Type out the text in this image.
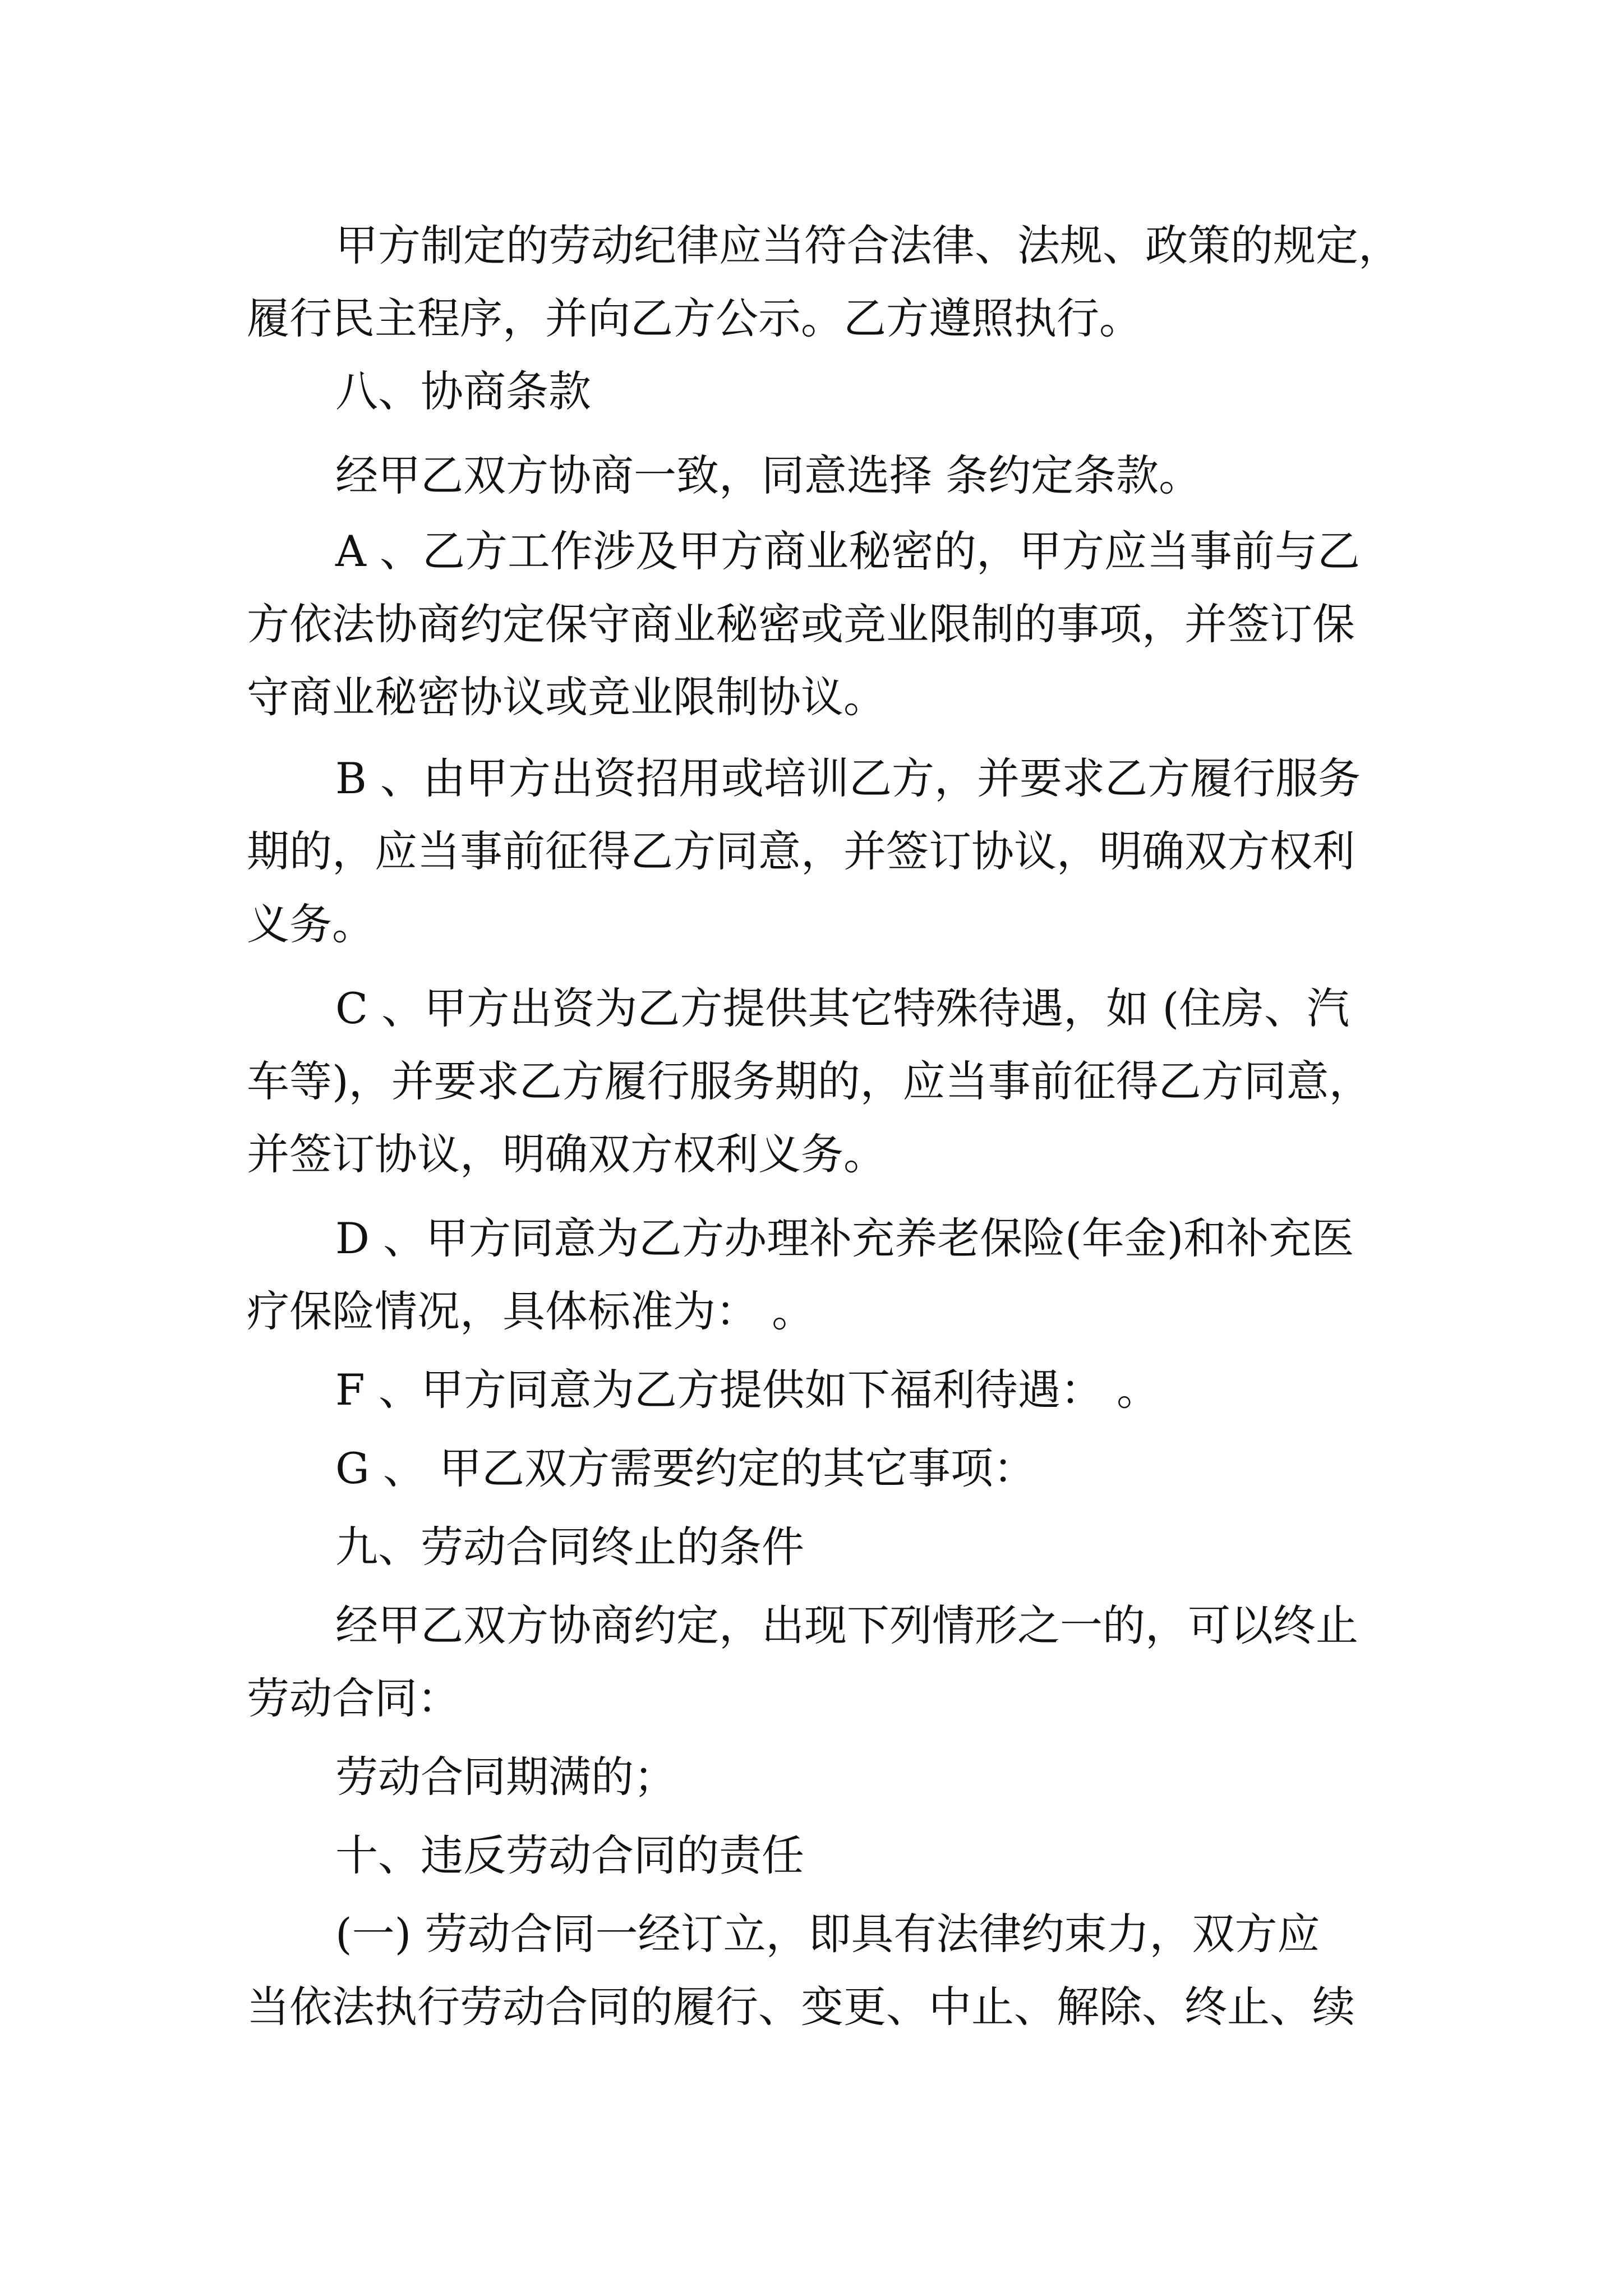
甲方制定的劳动纪律应当符合法律、法规、政策的规定，
履行民主程序，并向乙方公示。乙方遵照执行。
八、协商条款
经甲乙双方协商一致，同意选择 条约定条款。
A 、乙方工作涉及甲方商业秘密的，甲方应当事前与乙
方依法协商约定保守商业秘密或竞业限制的事项，并签订保
守商业秘密协议或竞业限制协议。
B 、由甲方出资招用或培训乙方，并要求乙方履行服务
期的，应当事前征得乙方同意，并签订协议，明确双方权利
义务。
C 、甲方出资为乙方提供其它特殊待遇，如 (住房、汽
车等)，并要求乙方履行服务期的，应当事前征得乙方同意，
并签订协议，明确双方权利义务。
D 、甲方同意为乙方办理补充养老保险(年金)和补充医
疗保险情况，具体标准为： 。
F 、甲方同意为乙方提供如下福利待遇： 。
G 、 甲乙双方需要约定的其它事项：
九、劳动合同终止的条件
经甲乙双方协商约定，出现下列情形之一的，可以终止
劳动合同：
劳动合同期满的；
十、违反劳动合同的责任
(一) 劳动合同一经订立，即具有法律约束力，双方应
当依法执行劳动合同的履行、变更、中止、解除、终止、续
